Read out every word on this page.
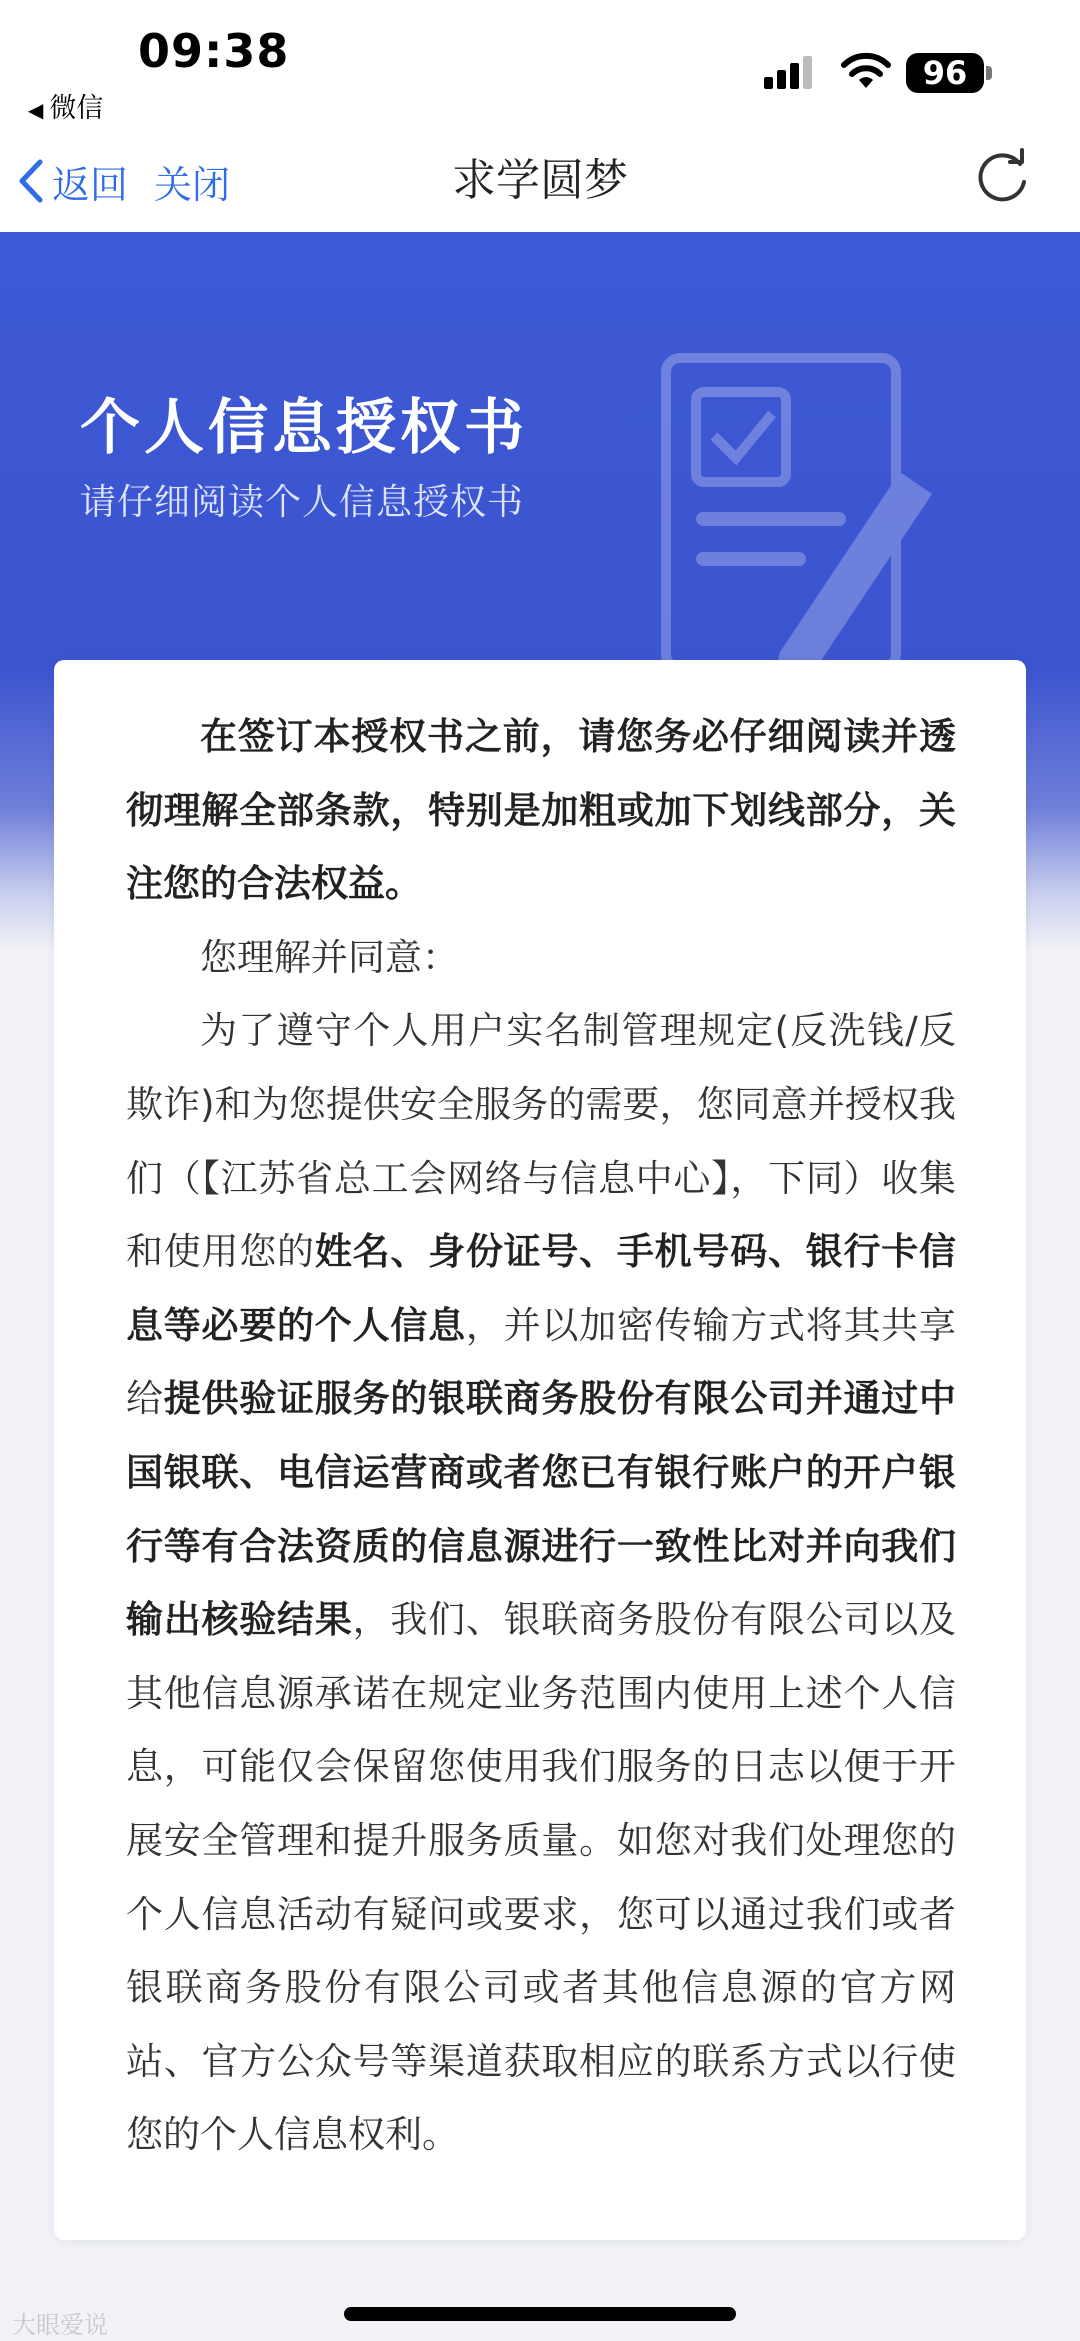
09:38
◀ 微信
96
返回 关闭	求学圆梦
个人信息授权书
请仔细阅读个人信息授权书

在签订本授权书之前，请您务必仔细阅读并透彻理解全部条款，特别是加粗或加下划线部分，关注您的合法权益。

您理解并同意：

为了遵守个人用户实名制管理规定(反洗钱/反欺诈)和为您提供安全服务的需要，您同意并授权我们（【江苏省总工会网络与信息中心】，下同）收集和使用您的姓名、身份证号、手机号码、银行卡信息等必要的个人信息，并以加密传输方式将其共享给提供验证服务的银联商务股份有限公司并通过中国银联、电信运营商或者您已有银行账户的开户银行等有合法资质的信息源进行一致性比对并向我们输出核验结果，我们、银联商务股份有限公司以及其他信息源承诺在规定业务范围内使用上述个人信息，可能仅会保留您使用我们服务的日志以便于开展安全管理和提升服务质量。如您对我们处理您的个人信息活动有疑问或要求，您可以通过我们或者银联商务股份有限公司或者其他信息源的官方网站、官方公众号等渠道获取相应的联系方式以行使您的个人信息权利。

大眼爱说
